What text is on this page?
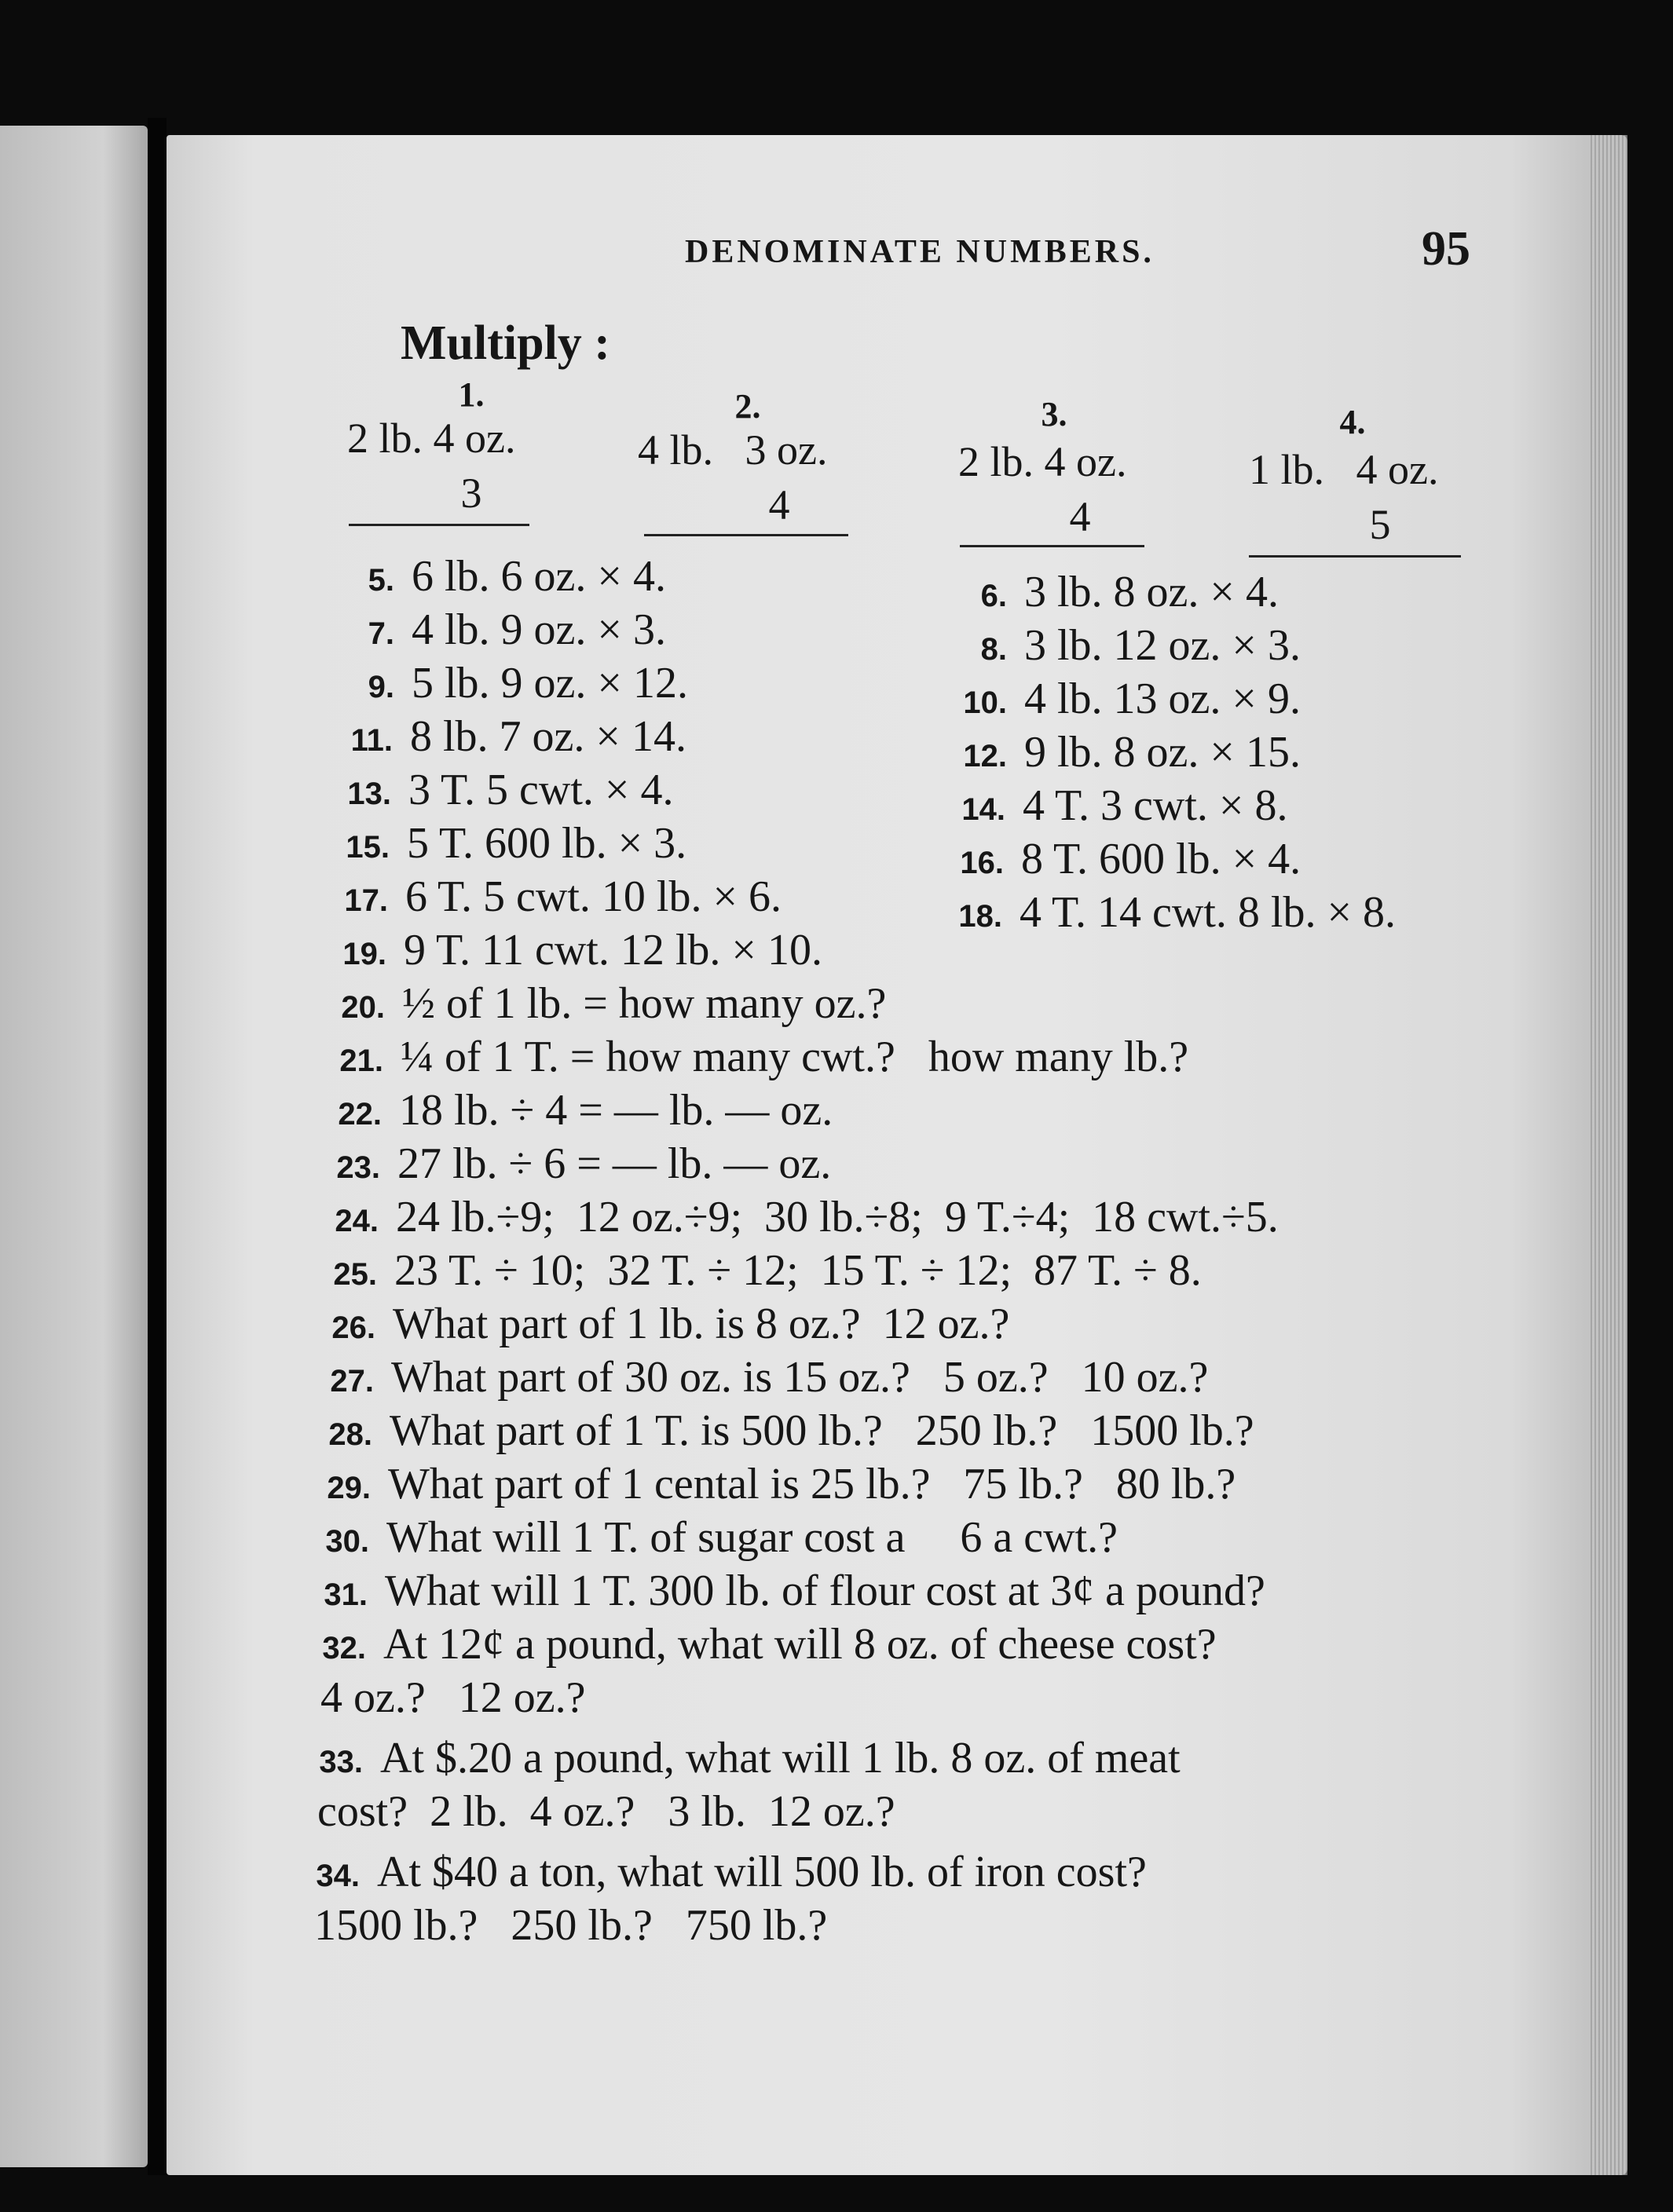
DENOMINATE NUMBERS.	95
Multiply :
1.
2 lb. 4 oz.
3
2.
4 lb.   3 oz.
4
3.
2 lb. 4 oz.
4
4.
1 lb.   4 oz.
5
5. 6 lb. 6 oz. × 4.
7. 4 lb. 9 oz. × 3.
9. 5 lb. 9 oz. × 12.
11. 8 lb. 7 oz. × 14.
13. 3 T. 5 cwt. × 4.
15. 5 T. 600 lb. × 3.
17. 6 T. 5 cwt. 10 lb. × 6.
6. 3 lb. 8 oz. × 4.
8. 3 lb. 12 oz. × 3.
10. 4 lb. 13 oz. × 9.
12. 9 lb. 8 oz. × 15.
14. 4 T. 3 cwt. × 8.
16. 8 T. 600 lb. × 4.
18. 4 T. 14 cwt. 8 lb. × 8.
19. 9 T. 11 cwt. 12 lb. × 10.
20. ½ of 1 lb. = how many oz.?
21. ¼ of 1 T. = how many cwt.?   how many lb.?
22. 18 lb. ÷ 4 = — lb. — oz.
23. 27 lb. ÷ 6 = — lb. — oz.
24. 24 lb.÷9;  12 oz.÷9;  30 lb.÷8;  9 T.÷4;  18 cwt.÷5.
25. 23 T. ÷ 10;  32 T. ÷ 12;  15 T. ÷ 12;  87 T. ÷ 8.
26. What part of 1 lb. is 8 oz.?  12 oz.?
27. What part of 30 oz. is 15 oz.?   5 oz.?   10 oz.?
28. What part of 1 T. is 500 lb.?   250 lb.?   1500 lb.?
29. What part of 1 cental is 25 lb.?   75 lb.?   80 lb.?
30. What will 1 T. of sugar cost a     6 a cwt.?
31. What will 1 T. 300 lb. of flour cost at 3¢ a pound?
32. At 12¢ a pound, what will 8 oz. of cheese cost?
4 oz.?   12 oz.?
33. At $.20 a pound, what will 1 lb. 8 oz. of meat
cost?  2 lb.  4 oz.?   3 lb.  12 oz.?
34. At $40 a ton, what will 500 lb. of iron cost?
1500 lb.?   250 lb.?   750 lb.?
